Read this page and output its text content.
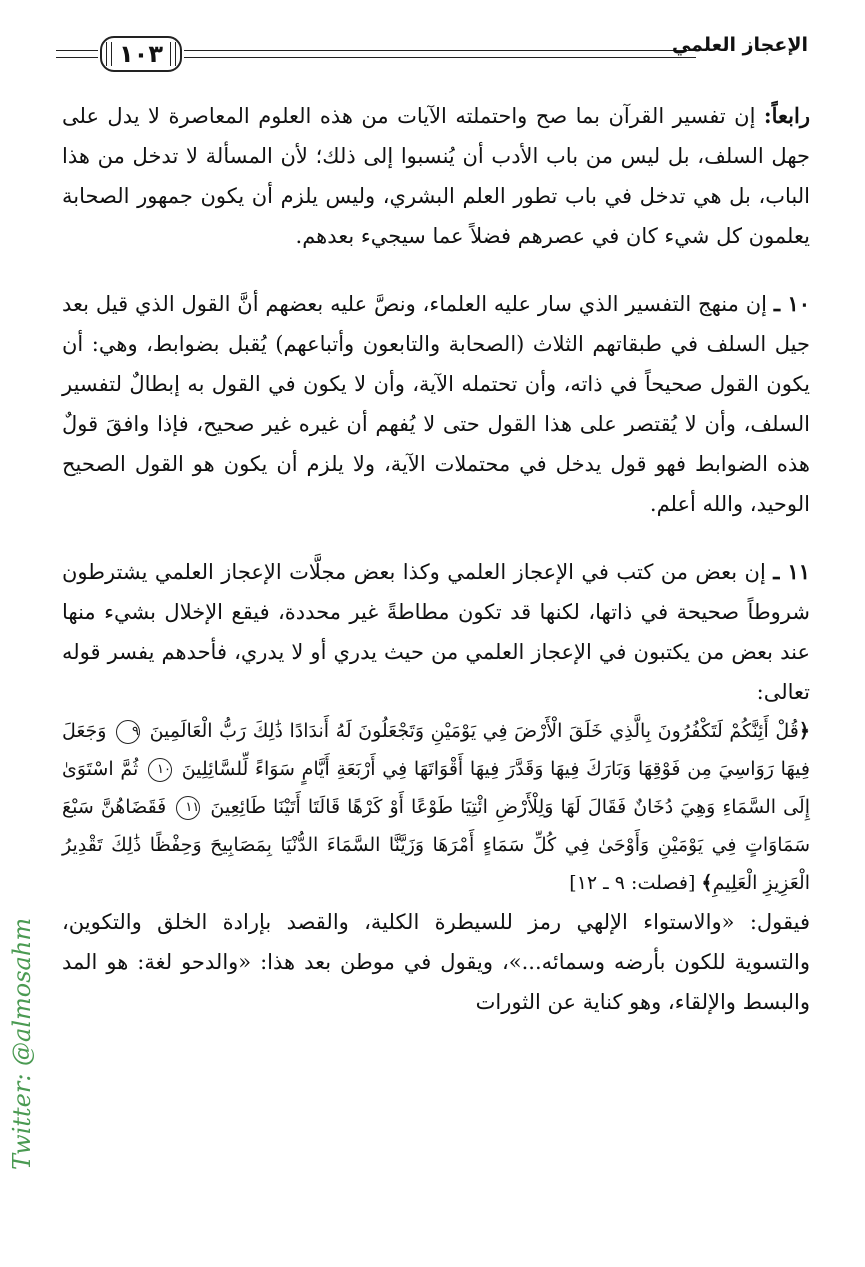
١٠٣	الإعجاز العلمي

رابعاً: إن تفسير القرآن بما صح واحتملته الآيات من هذه العلوم المعاصرة لا يدل على جهل السلف، بل ليس من باب الأدب أن يُنسبوا إلى ذلك؛ لأن المسألة لا تدخل من هذا الباب، بل هي تدخل في باب تطور العلم البشري، وليس يلزم أن يكون جمهور الصحابة يعلمون كل شيء كان في عصرهم فضلاً عما سيجيء بعدهم.

١٠ ـ إن منهج التفسير الذي سار عليه العلماء، ونصَّ عليه بعضهم أنَّ القول الذي قيل بعد جيل السلف في طبقاتهم الثلاث (الصحابة والتابعون وأتباعهم) يُقبل بضوابط، وهي: أن يكون القول صحيحاً في ذاته، وأن تحتمله الآية، وأن لا يكون في القول به إبطالٌ لتفسير السلف، وأن لا يُقتصر على هذا القول حتى لا يُفهم أن غيره غير صحيح، فإذا وافقَ قولٌ هذه الضوابط فهو قول يدخل في محتملات الآية، ولا يلزم أن يكون هو القول الصحيح الوحيد، والله أعلم.

١١ ـ إن بعض من كتب في الإعجاز العلمي وكذا بعض مجلَّات الإعجاز العلمي يشترطون شروطاً صحيحة في ذاتها، لكنها قد تكون مطاطةً غير محددة، فيقع الإخلال بشيء منها عند بعض من يكتبون في الإعجاز العلمي من حيث يدري أو لا يدري، فأحدهم يفسر قوله تعالى:
﴿قُلْ أَئِنَّكُمْ لَتَكْفُرُونَ بِالَّذِي خَلَقَ الْأَرْضَ فِي يَوْمَيْنِ وَتَجْعَلُونَ لَهُ أَندَادًا ذَٰلِكَ رَبُّ الْعَالَمِينَ ٩ وَجَعَلَ فِيهَا رَوَاسِيَ مِن فَوْقِهَا وَبَارَكَ فِيهَا وَقَدَّرَ فِيهَا أَقْوَاتَهَا فِي أَرْبَعَةِ أَيَّامٍ سَوَاءً لِّلسَّائِلِينَ ١٠ ثُمَّ اسْتَوَىٰ إِلَى السَّمَاءِ وَهِيَ دُخَانٌ فَقَالَ لَهَا وَلِلْأَرْضِ ائْتِيَا طَوْعًا أَوْ كَرْهًا قَالَتَا أَتَيْنَا طَائِعِينَ ١١ فَقَضَاهُنَّ سَبْعَ سَمَاوَاتٍ فِي يَوْمَيْنِ وَأَوْحَىٰ فِي كُلِّ سَمَاءٍ أَمْرَهَا وَزَيَّنَّا السَّمَاءَ الدُّنْيَا بِمَصَابِيحَ وَحِفْظًا ذَٰلِكَ تَقْدِيرُ الْعَزِيزِ الْعَلِيمِ﴾ [فصلت: ٩ ـ ١٢]
فيقول: «والاستواء الإلهي رمز للسيطرة الكلية، والقصد بإرادة الخلق والتكوين، والتسوية للكون بأرضه وسمائه...»، ويقول في موطن بعد هذا: «والدحو لغة: هو المد والبسط والإلقاء، وهو كناية عن الثورات

Twitter: @almosahm
